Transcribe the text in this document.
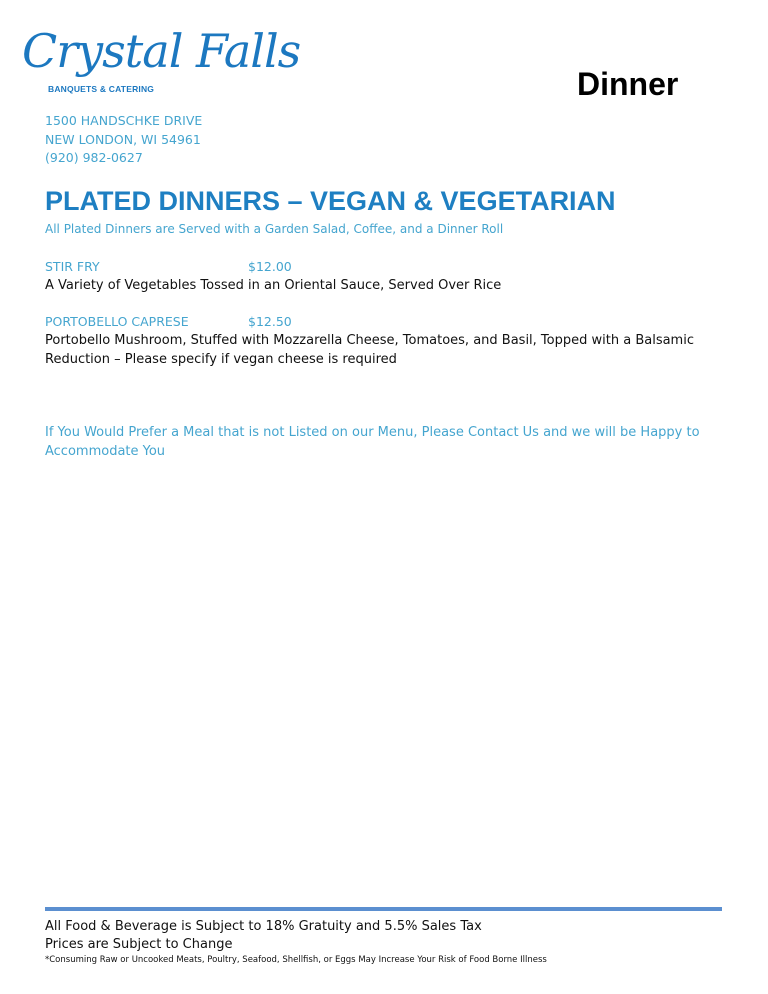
Crystal Falls
BANQUETS & CATERING	Dinner
1500 HANDSCHKE DRIVE
NEW LONDON, WI 54961
(920) 982-0627
PLATED DINNERS – VEGAN & VEGETARIAN
All Plated Dinners are Served with a Garden Salad, Coffee, and a Dinner Roll
STIR FRY	$12.00
A Variety of Vegetables Tossed in an Oriental Sauce, Served Over Rice
PORTOBELLO CAPRESE	$12.50
Portobello Mushroom, Stuffed with Mozzarella Cheese, Tomatoes, and Basil, Topped with a Balsamic Reduction – Please specify if vegan cheese is required
If You Would Prefer a Meal that is not Listed on our Menu, Please Contact Us and we will be Happy to Accommodate You
All Food & Beverage is Subject to 18% Gratuity and 5.5% Sales Tax
Prices are Subject to Change
*Consuming Raw or Uncooked Meats, Poultry, Seafood, Shellfish, or Eggs May Increase Your Risk of Food Borne Illness
